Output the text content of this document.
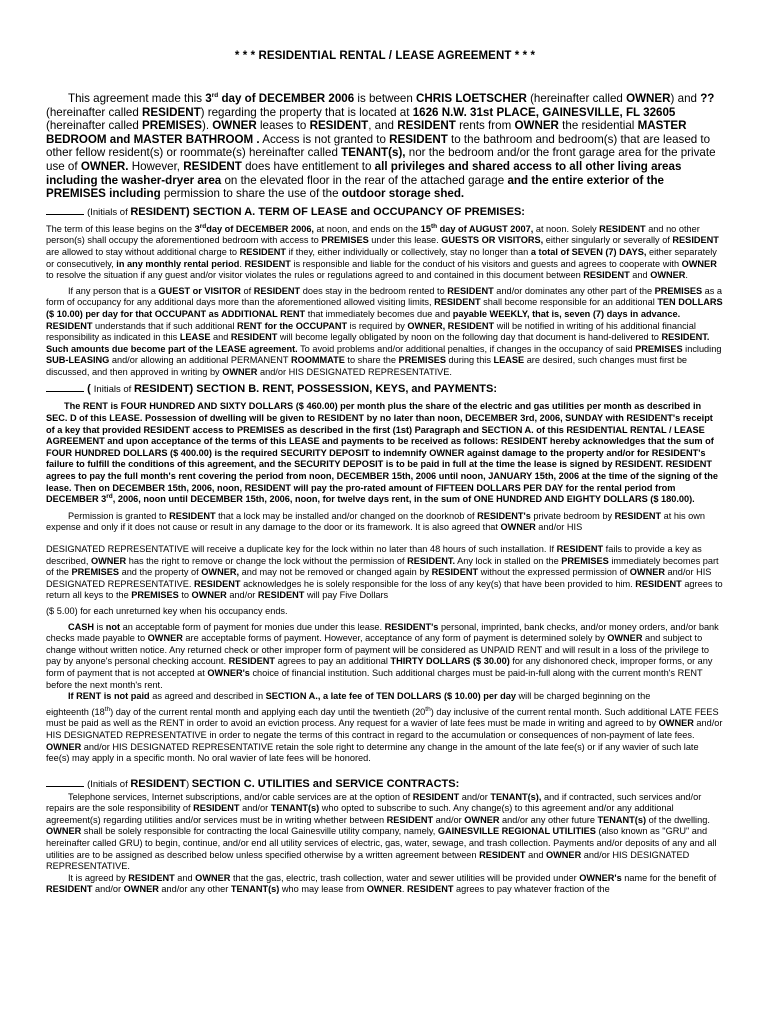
* * * RESIDENTIAL RENTAL / LEASE AGREEMENT * * *

This agreement made this 3rd day of DECEMBER 2006 is between CHRIS LOETSCHER (hereinafter called OWNER) and ?? (hereinafter called RESIDENT) regarding the property that is located at 1626 N.W. 31st PLACE, GAINESVILLE, FL 32605 (hereinafter called PREMISES). OWNER leases to RESIDENT, and RESIDENT rents from OWNER the residential MASTER BEDROOM and MASTER BATHROOM . Access is not granted to RESIDENT to the bathroom and bedroom(s) that are leased to other fellow resident(s) or roommate(s) hereinafter called TENANT(s), nor the bedroom and/or the front garage area for the private use of OWNER. However, RESIDENT does have entitlement to all privileges and shared access to all other living areas including the washer-dryer area on the elevated floor in the rear of the attached garage and the entire exterior of the PREMISES including permission to share the use of the outdoor storage shed.

(Initials of RESIDENT) SECTION A. TERM OF LEASE and OCCUPANCY OF PREMISES:

The term of this lease begins on the 3rdday of DECEMBER 2006, at noon, and ends on the 15th day of AUGUST 2007, at noon. Solely RESIDENT and no other person(s) shall occupy the aforementioned bedroom with access to PREMISES under this lease. GUESTS OR VISITORS, either singularly or severally of RESIDENT are allowed to stay without additional charge to RESIDENT if they, either individually or collectively, stay no longer than a total of SEVEN (7) DAYS, either separately or consecutively, in any monthly rental period. RESIDENT is responsible and liable for the conduct of his visitors and guests and agrees to cooperate with OWNER to resolve the situation if any guest and/or visitor violates the rules or regulations agreed to and contained in this document between RESIDENT and OWNER.

If any person that is a GUEST or VISITOR of RESIDENT does stay in the bedroom rented to RESIDENT and/or dominates any other part of the PREMISES as a form of occupancy for any additional days more than the aforementioned allowed visiting limits, RESIDENT shall become responsible for an additional TEN DOLLARS ($ 10.00) per day for that OCCUPANT as ADDITIONAL RENT that immediately becomes due and payable WEEKLY, that is, seven (7) days in advance. RESIDENT understands that if such additional RENT for the OCCUPANT is required by OWNER, RESIDENT will be notified in writing of his additional financial responsibility as indicated in this LEASE and RESIDENT will become legally obligated by noon on the following day that document is hand-delivered to RESIDENT. Such amounts due become part of the LEASE agreement. To avoid problems and/or additional penalties, if changes in the occupancy of said PREMISES including SUB-LEASING and/or allowing an additional PERMANENT ROOMMATE to share the PREMISES during this LEASE are desired, such changes must first be discussed, and then approved in writing by OWNER and/or HIS DESIGNATED REPRESENTATIVE.

( Initials of RESIDENT) SECTION B. RENT, POSSESSION, KEYS, and PAYMENTS:

The RENT is FOUR HUNDRED AND SIXTY DOLLARS ($ 460.00) per month plus the share of the electric and gas utilities per month as described in SEC. D of this LEASE. Possession of dwelling will be given to RESIDENT by no later than noon, DECEMBER 3rd, 2006, SUNDAY with RESIDENT's receipt of a key that provided RESIDENT access to PREMISES as described in the first (1st) Paragraph and SECTION A. of this RESIDENTIAL RENTAL / LEASE AGREEMENT and upon acceptance of the terms of this LEASE and payments to be received as follows: RESIDENT hereby acknowledges that the sum of FOUR HUNDRED DOLLARS ($ 400.00) is the required SECURITY DEPOSIT to indemnify OWNER against damage to the property and/or for RESIDENT's failure to fulfill the conditions of this agreement, and the SECURITY DEPOSIT is to be paid in full at the time the lease is signed by RESIDENT. RESIDENT agrees to pay the full month's rent covering the period from noon, DECEMBER 15th, 2006 until noon, JANUARY 15th, 2006 at the time of the signing of the lease. Then on DECEMBER 15th, 2006, noon, RESIDENT will pay the pro-rated amount of FIFTEEN DOLLARS PER DAY for the rental period from DECEMBER 3rd, 2006, noon until DECEMBER 15th, 2006, noon, for twelve days rent, in the sum of ONE HUNDRED AND EIGHTY DOLLARS ($ 180.00).

Permission is granted to RESIDENT that a lock may be installed and/or changed on the doorknob of RESIDENT's private bedroom by RESIDENT at his own expense and only if it does not cause or result in any damage to the door or its framework. It is also agreed that OWNER and/or HIS

DESIGNATED REPRESENTATIVE will receive a duplicate key for the lock within no later than 48 hours of such installation. If RESIDENT fails to provide a key as described, OWNER has the right to remove or change the lock without the permission of RESIDENT. Any lock in stalled on the PREMISES immediately becomes part of the PREMISES and the property of OWNER, and may not be removed or changed again by RESIDENT without the expressed permission of OWNER and/or HIS DESIGNATED REPRESENTATIVE. RESIDENT acknowledges he is solely responsible for the loss of any key(s) that have been provided to him. RESIDENT agrees to return all keys to the PREMISES to OWNER and/or RESIDENT will pay Five Dollars

($ 5.00) for each unreturned key when his occupancy ends.

CASH is not an acceptable form of payment for monies due under this lease. RESIDENT's personal, imprinted, bank checks, and/or money orders, and/or bank checks made payable to OWNER are acceptable forms of payment. However, acceptance of any form of payment is determined solely by OWNER and subject to change without written notice. Any returned check or other improper form of payment will be considered as UNPAID RENT and will result in a loss of the privilege to pay by anyone's personal checking account. RESIDENT agrees to pay an additional THIRTY DOLLARS ($ 30.00) for any dishonored check, improper forms, or any form of payment that is not accepted at OWNER's choice of financial institution. Such additional charges must be paid-in-full along with the current month's RENT before the next month's rent.
If RENT is not paid as agreed and described in SECTION A., a late fee of TEN DOLLARS ($ 10.00) per day will be charged beginning on the

eighteenth (18th) day of the current rental month and applying each day until the twentieth (20th) day inclusive of the current rental month. Such additional LATE FEES must be paid as well as the RENT in order to avoid an eviction process. Any request for a wavier of late fees must be made in writing and agreed to by OWNER and/or HIS DESIGNATED REPRESENTATIVE in order to negate the terms of this contract in regard to the accumulation or consequences of non-payment of late fees. OWNER and/or HIS DESIGNATED REPRESENTATIVE retain the sole right to determine any change in the amount of the late fee(s) or if any wavier of such late fee(s) may apply in a specific month. No oral wavier of late fees will be honored.

(Initials of RESIDENT) SECTION C. UTILITIES and SERVICE CONTRACTS:

Telephone services, Internet subscriptions, and/or cable services are at the option of RESIDENT and/or TENANT(s), and if contracted, such services and/or repairs are the sole responsibility of RESIDENT and/or TENANT(s) who opted to subscribe to such. Any change(s) to this agreement and/or any additional agreement(s) regarding utilities and/or services must be in writing whether between RESIDENT and/or OWNER and/or any other future TENANT(s) of the dwelling. OWNER shall be solely responsible for contracting the local Gainesville utility company, namely, GAINESVILLE REGIONAL UTILITIES (also known as "GRU" and hereinafter called GRU) to begin, continue, and/or end all utility services of electric, gas, water, sewage, and trash collection. Payments and/or deposits of any and all utilities are to be assigned as described below unless specified otherwise by a written agreement between RESIDENT and OWNER and/or HIS DESIGNATED REPRESENTATIVE.

It is agreed by RESIDENT and OWNER that the gas, electric, trash collection, water and sewer utilities will be provided under OWNER's name for the benefit of RESIDENT and/or OWNER and/or any other TENANT(s) who may lease from OWNER. RESIDENT agrees to pay whatever fraction of the
